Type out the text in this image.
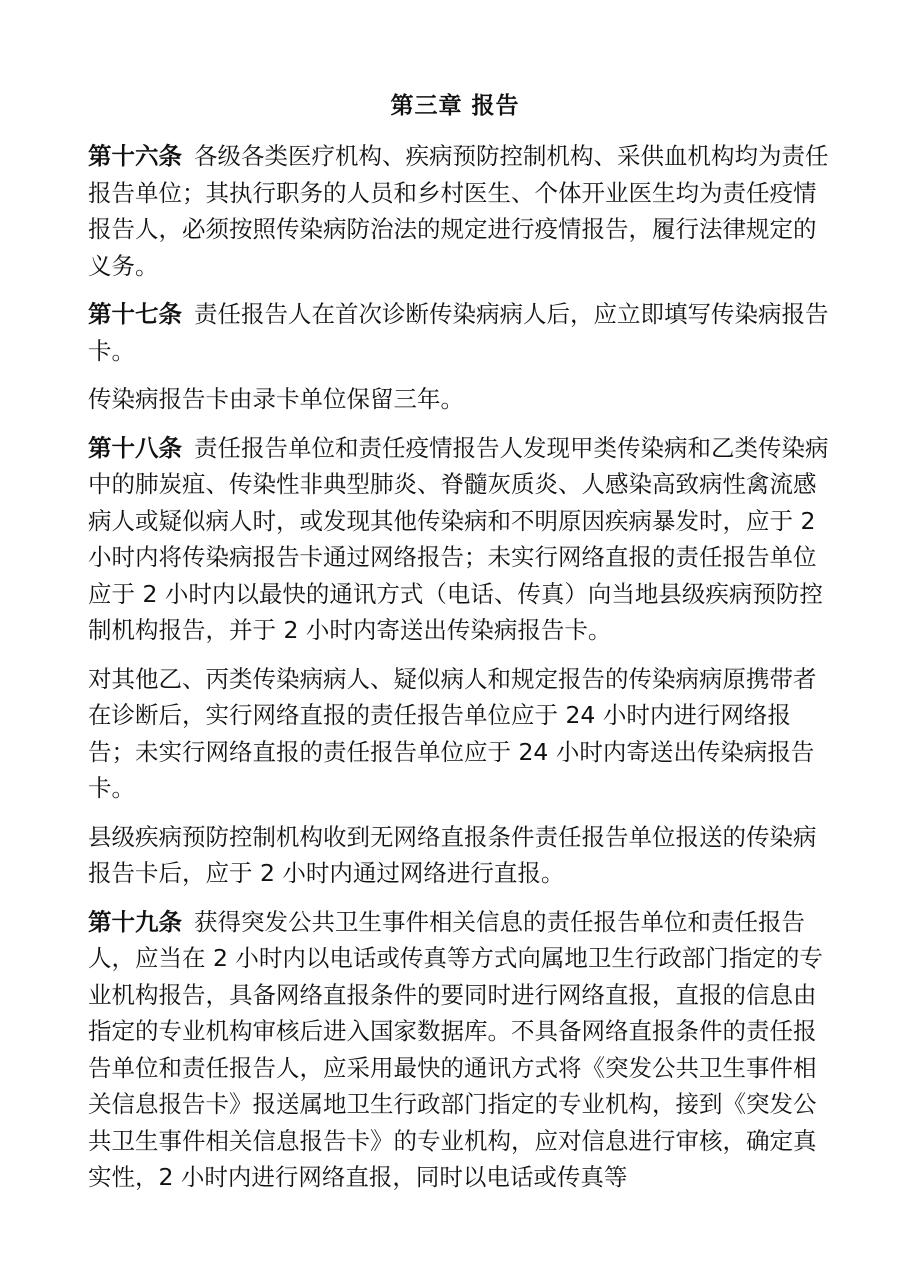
第三章 报告

第十六条 各级各类医疗机构、疾病预防控制机构、采供血机构均为责任报告单位；其执行职务的人员和乡村医生、个体开业医生均为责任疫情报告人，必须按照传染病防治法的规定进行疫情报告，履行法律规定的义务。

第十七条 责任报告人在首次诊断传染病病人后，应立即填写传染病报告卡。

传染病报告卡由录卡单位保留三年。

第十八条 责任报告单位和责任疫情报告人发现甲类传染病和乙类传染病中的肺炭疽、传染性非典型肺炎、脊髓灰质炎、人感染高致病性禽流感病人或疑似病人时，或发现其他传染病和不明原因疾病暴发时，应于 2 小时内将传染病报告卡通过网络报告；未实行网络直报的责任报告单位应于 2 小时内以最快的通讯方式（电话、传真）向当地县级疾病预防控制机构报告，并于 2 小时内寄送出传染病报告卡。

对其他乙、丙类传染病病人、疑似病人和规定报告的传染病病原携带者在诊断后，实行网络直报的责任报告单位应于 24 小时内进行网络报告；未实行网络直报的责任报告单位应于 24 小时内寄送出传染病报告卡。

县级疾病预防控制机构收到无网络直报条件责任报告单位报送的传染病报告卡后，应于 2 小时内通过网络进行直报。

第十九条 获得突发公共卫生事件相关信息的责任报告单位和责任报告人，应当在 2 小时内以电话或传真等方式向属地卫生行政部门指定的专业机构报告，具备网络直报条件的要同时进行网络直报，直报的信息由指定的专业机构审核后进入国家数据库。不具备网络直报条件的责任报告单位和责任报告人，应采用最快的通讯方式将《突发公共卫生事件相关信息报告卡》报送属地卫生行政部门指定的专业机构，接到《突发公共卫生事件相关信息报告卡》的专业机构，应对信息进行审核，确定真实性，2 小时内进行网络直报，同时以电话或传真等
